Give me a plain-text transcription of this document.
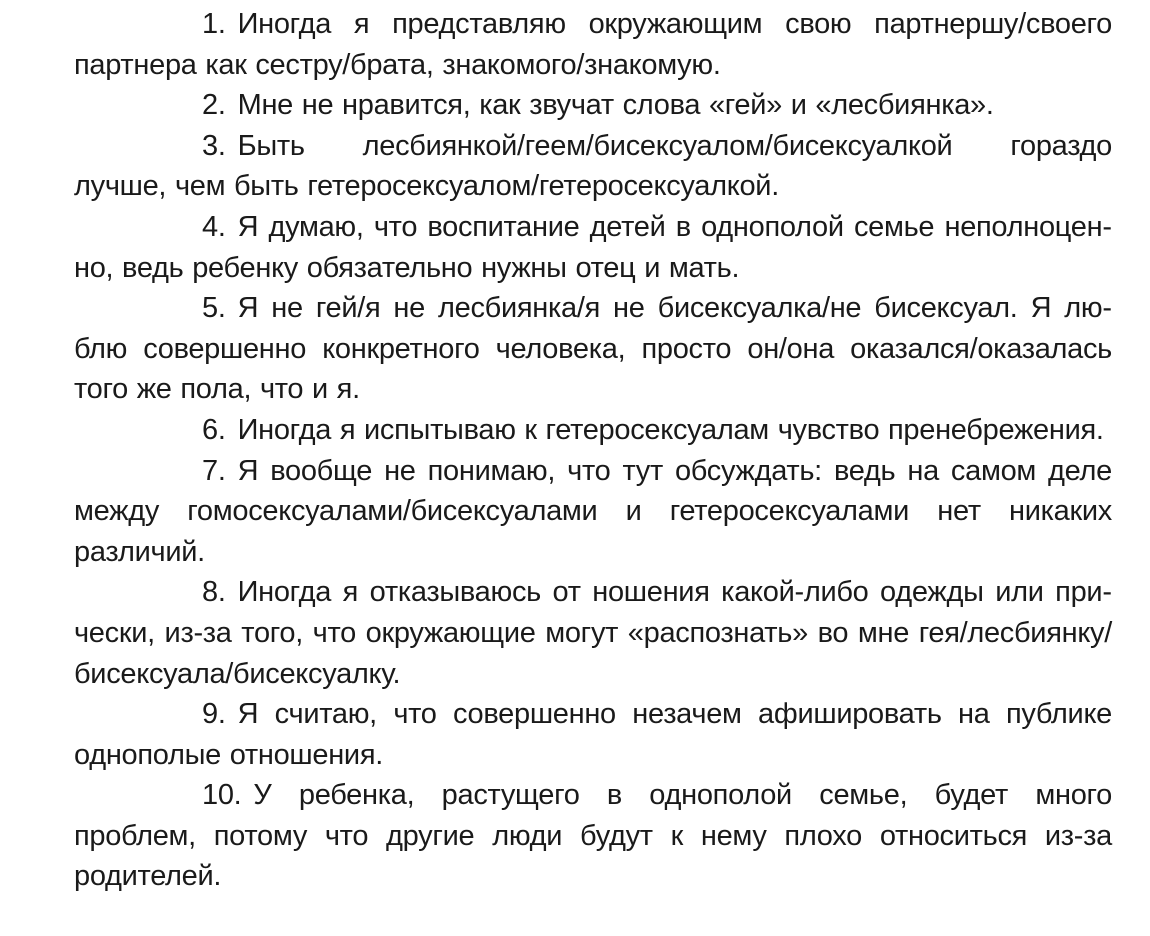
1. Иногда я представляю окружающим свою партнершу/своего партнера как сестру/брата, знакомого/знакомую.

2. Мне не нравится, как звучат слова «гей» и «лесбиянка».

3. Быть лесбиянкой/геем/бисексуалом/бисексуалкой гораздо лучше, чем быть гетеросексуалом/гетеросексуалкой.

4. Я думаю, что воспитание детей в однополой семье неполноценно, ведь ребенку обязательно нужны отец и мать.

5. Я не гей/я не лесбиянка/я не бисексуалка/не бисексуал. Я люблю совершенно конкретного человека, просто он/она оказался/оказалась того же пола, что и я.

6. Иногда я испытываю к гетеросексуалам чувство пренебрежения.

7. Я вообще не понимаю, что тут обсуждать: ведь на самом деле между гомосексуалами/бисексуалами и гетеросексуалами нет никаких различий.

8. Иногда я отказываюсь от ношения какой-либо одежды или прически, из-за того, что окружающие могут «распознать» во мне гея/лесбиянку/бисексуала/бисексуалку.

9. Я считаю, что совершенно незачем афишировать на публике однополые отношения.

10. У ребенка, растущего в однополой семье, будет много проблем, потому что другие люди будут к нему плохо относиться из-за родителей.
